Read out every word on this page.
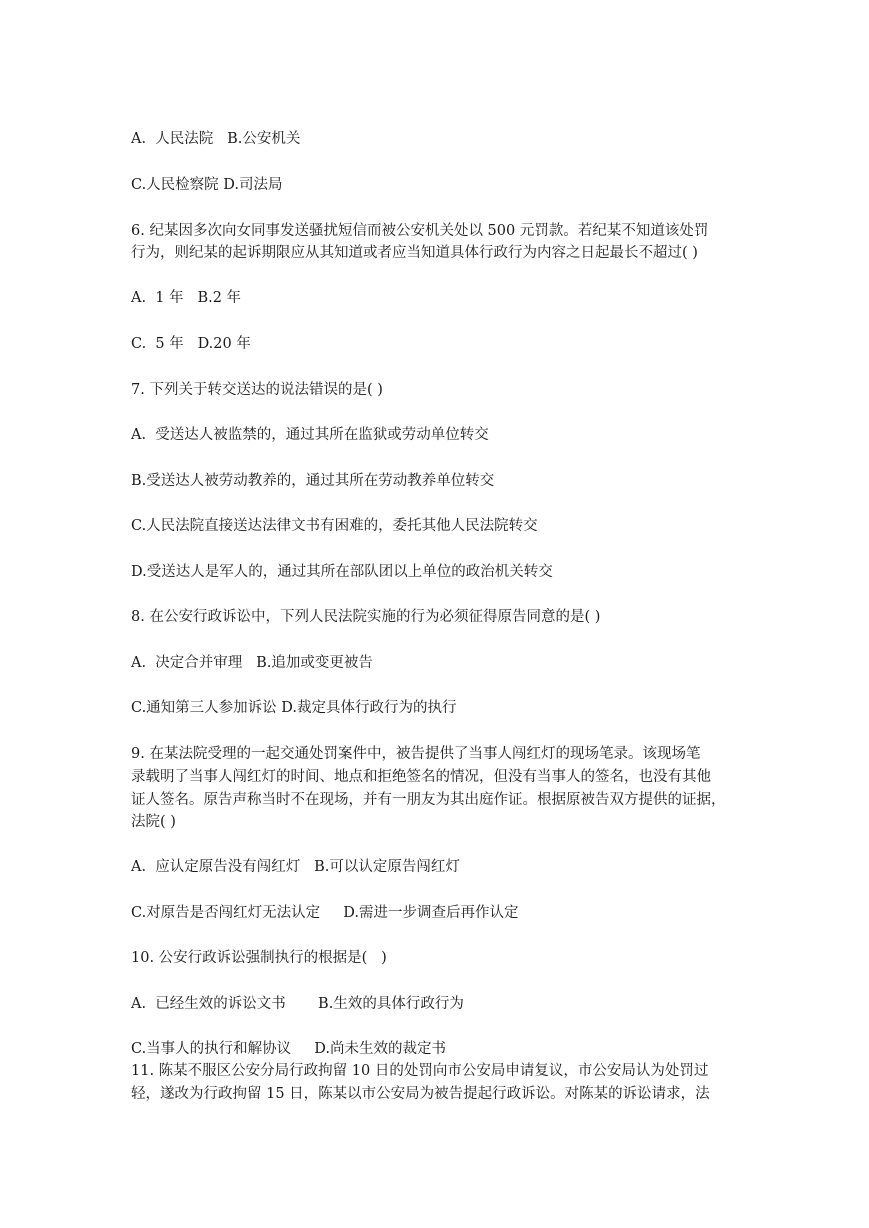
A.  人民法院   B.公安机关
C.人民检察院 D.司法局
6. 纪某因多次向女同事发送骚扰短信而被公安机关处以 500 元罚款。若纪某不知道该处罚
行为，则纪某的起诉期限应从其知道或者应当知道具体行政行为内容之日起最长不超过( )
A.  1 年   B.2 年
C.  5 年   D.20 年
7. 下列关于转交送达的说法错误的是( )
A.  受送达人被监禁的，通过其所在监狱或劳动单位转交
B.受送达人被劳动教养的，通过其所在劳动教养单位转交
C.人民法院直接送达法律文书有困难的，委托其他人民法院转交
D.受送达人是军人的，通过其所在部队团以上单位的政治机关转交
8. 在公安行政诉讼中，下列人民法院实施的行为必须征得原告同意的是( )
A.  决定合并审理   B.追加或变更被告
C.通知第三人参加诉讼 D.裁定具体行政行为的执行
9. 在某法院受理的一起交通处罚案件中，被告提供了当事人闯红灯的现场笔录。该现场笔
录载明了当事人闯红灯的时间、地点和拒绝签名的情况，但没有当事人的签名，也没有其他
证人签名。原告声称当时不在现场，并有一朋友为其出庭作证。根据原被告双方提供的证据，
法院( )
A.  应认定原告没有闯红灯   B.可以认定原告闯红灯
C.对原告是否闯红灯无法认定     D.需进一步调查后再作认定
10. 公安行政诉讼强制执行的根据是(   )
A.  已经生效的诉讼文书       B.生效的具体行政行为
C.当事人的执行和解协议     D.尚未生效的裁定书
11. 陈某不服区公安分局行政拘留 10 日的处罚向市公安局申请复议，市公安局认为处罚过
轻，遂改为行政拘留 15 日，陈某以市公安局为被告提起行政诉讼。对陈某的诉讼请求，法
